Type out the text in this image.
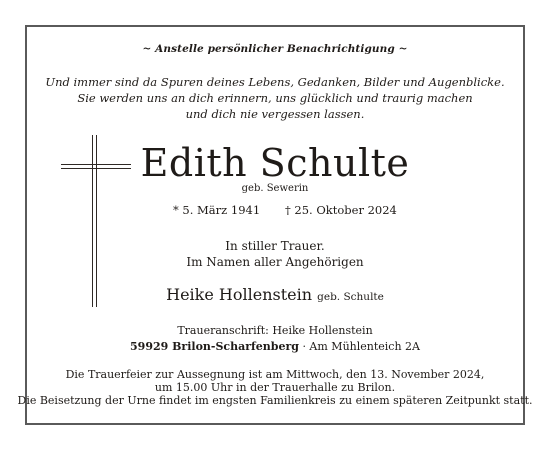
~ Anstelle persönlicher Benachrichtigung ~
Und immer sind da Spuren deines Lebens, Gedanken, Bilder und Augenblicke.
Sie werden uns an dich erinnern, uns glücklich und traurig machen
und dich nie vergessen lassen.
Edith Schulte
geb. Sewerin
* 5. März 1941 † 25. Oktober 2024
In stiller Trauer.
Im Namen aller Angehörigen
Heike Hollenstein geb. Schulte
Traueranschrift: Heike Hollenstein
59929 Brilon-Scharfenberg · Am Mühlenteich 2A
Die Trauerfeier zur Aussegnung ist am Mittwoch, den 13. November 2024,
um 15.00 Uhr in der Trauerhalle zu Brilon.
Die Beisetzung der Urne findet im engsten Familienkreis zu einem späteren Zeitpunkt statt.
